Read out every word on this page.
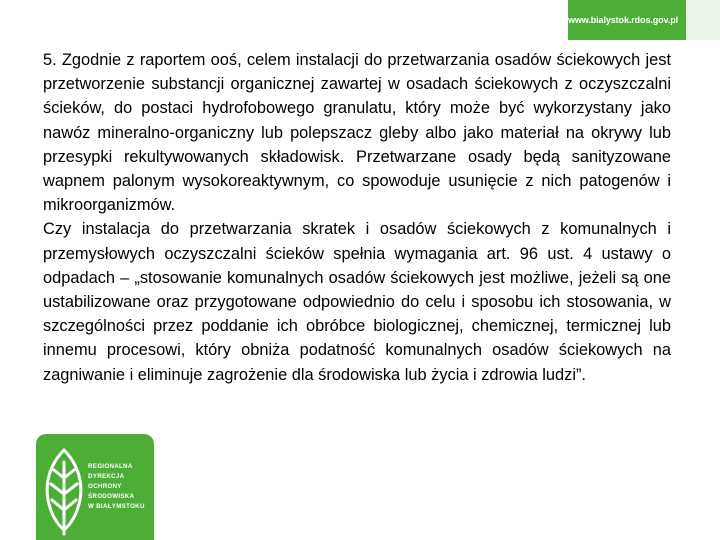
www.bialystok.rdos.gov.pl

5. Zgodnie z raportem ooś, celem instalacji do przetwarzania osadów ściekowych jest przetworzenie substancji organicznej zawartej w osadach ściekowych z oczyszczalni ścieków, do postaci hydrofobowego granulatu, który może być wykorzystany jako nawóz mineralno-organiczny lub polepszacz gleby albo jako materiał na okrywy lub przesypki rekultywowanych składowisk. Przetwarzane osady będą sanityzowane wapnem palonym wysokoreaktywnym, co spowoduje usunięcie z nich patogenów i mikroorganizmów.

Czy instalacja do przetwarzania skratek i osadów ściekowych z komunalnych i przemysłowych oczyszczalni ścieków spełnia wymagania art. 96 ust. 4 ustawy o odpadach – „stosowanie komunalnych osadów ściekowych jest możliwe, jeżeli są one ustabilizowane oraz przygotowane odpowiednio do celu i sposobu ich stosowania, w szczególności przez poddanie ich obróbce biologicznej, chemicznej, termicznej lub innemu procesowi, który obniża podatność komunalnych osadów ściekowych na zagniwanie i eliminuje zagrożenie dla środowiska lub życia i zdrowia ludzi”.

REGIONALNA
DYREKCJA
OCHRONY
ŚRODOWISKA
W BIAŁYMSTOKU
